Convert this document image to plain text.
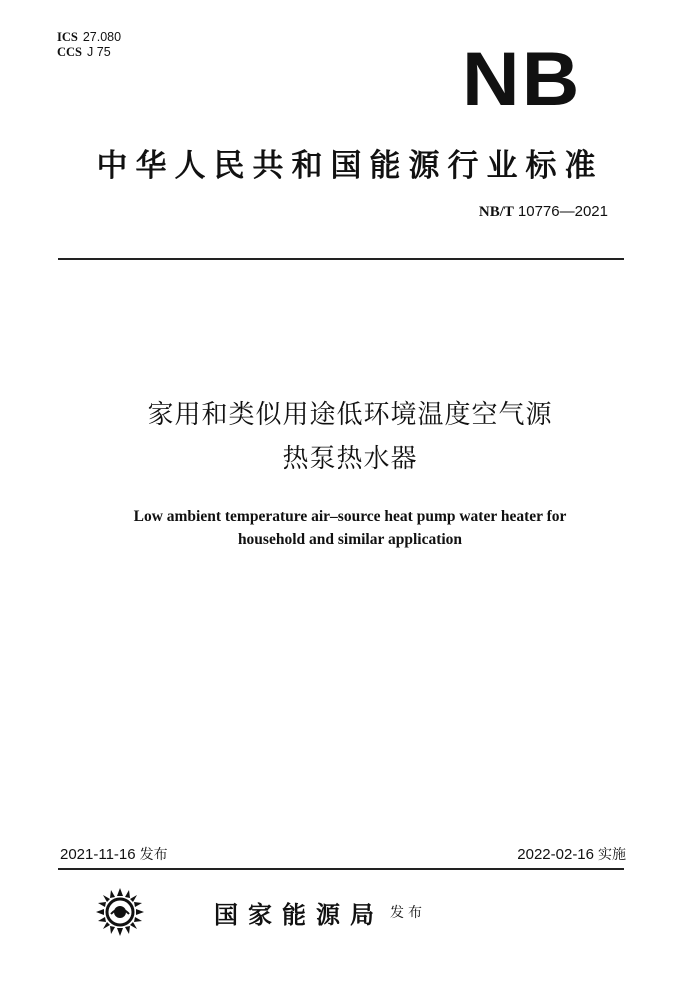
ICS 27.080
CCS J 75	NB
中华人民共和国能源行业标准
NB/T 10776—2021
家用和类似用途低环境温度空气源
热泵热水器
Low ambient temperature air–source heat pump water heater for
household and similar application
2021-11-16 发布	2022-02-16 实施
国家能源局 发布
